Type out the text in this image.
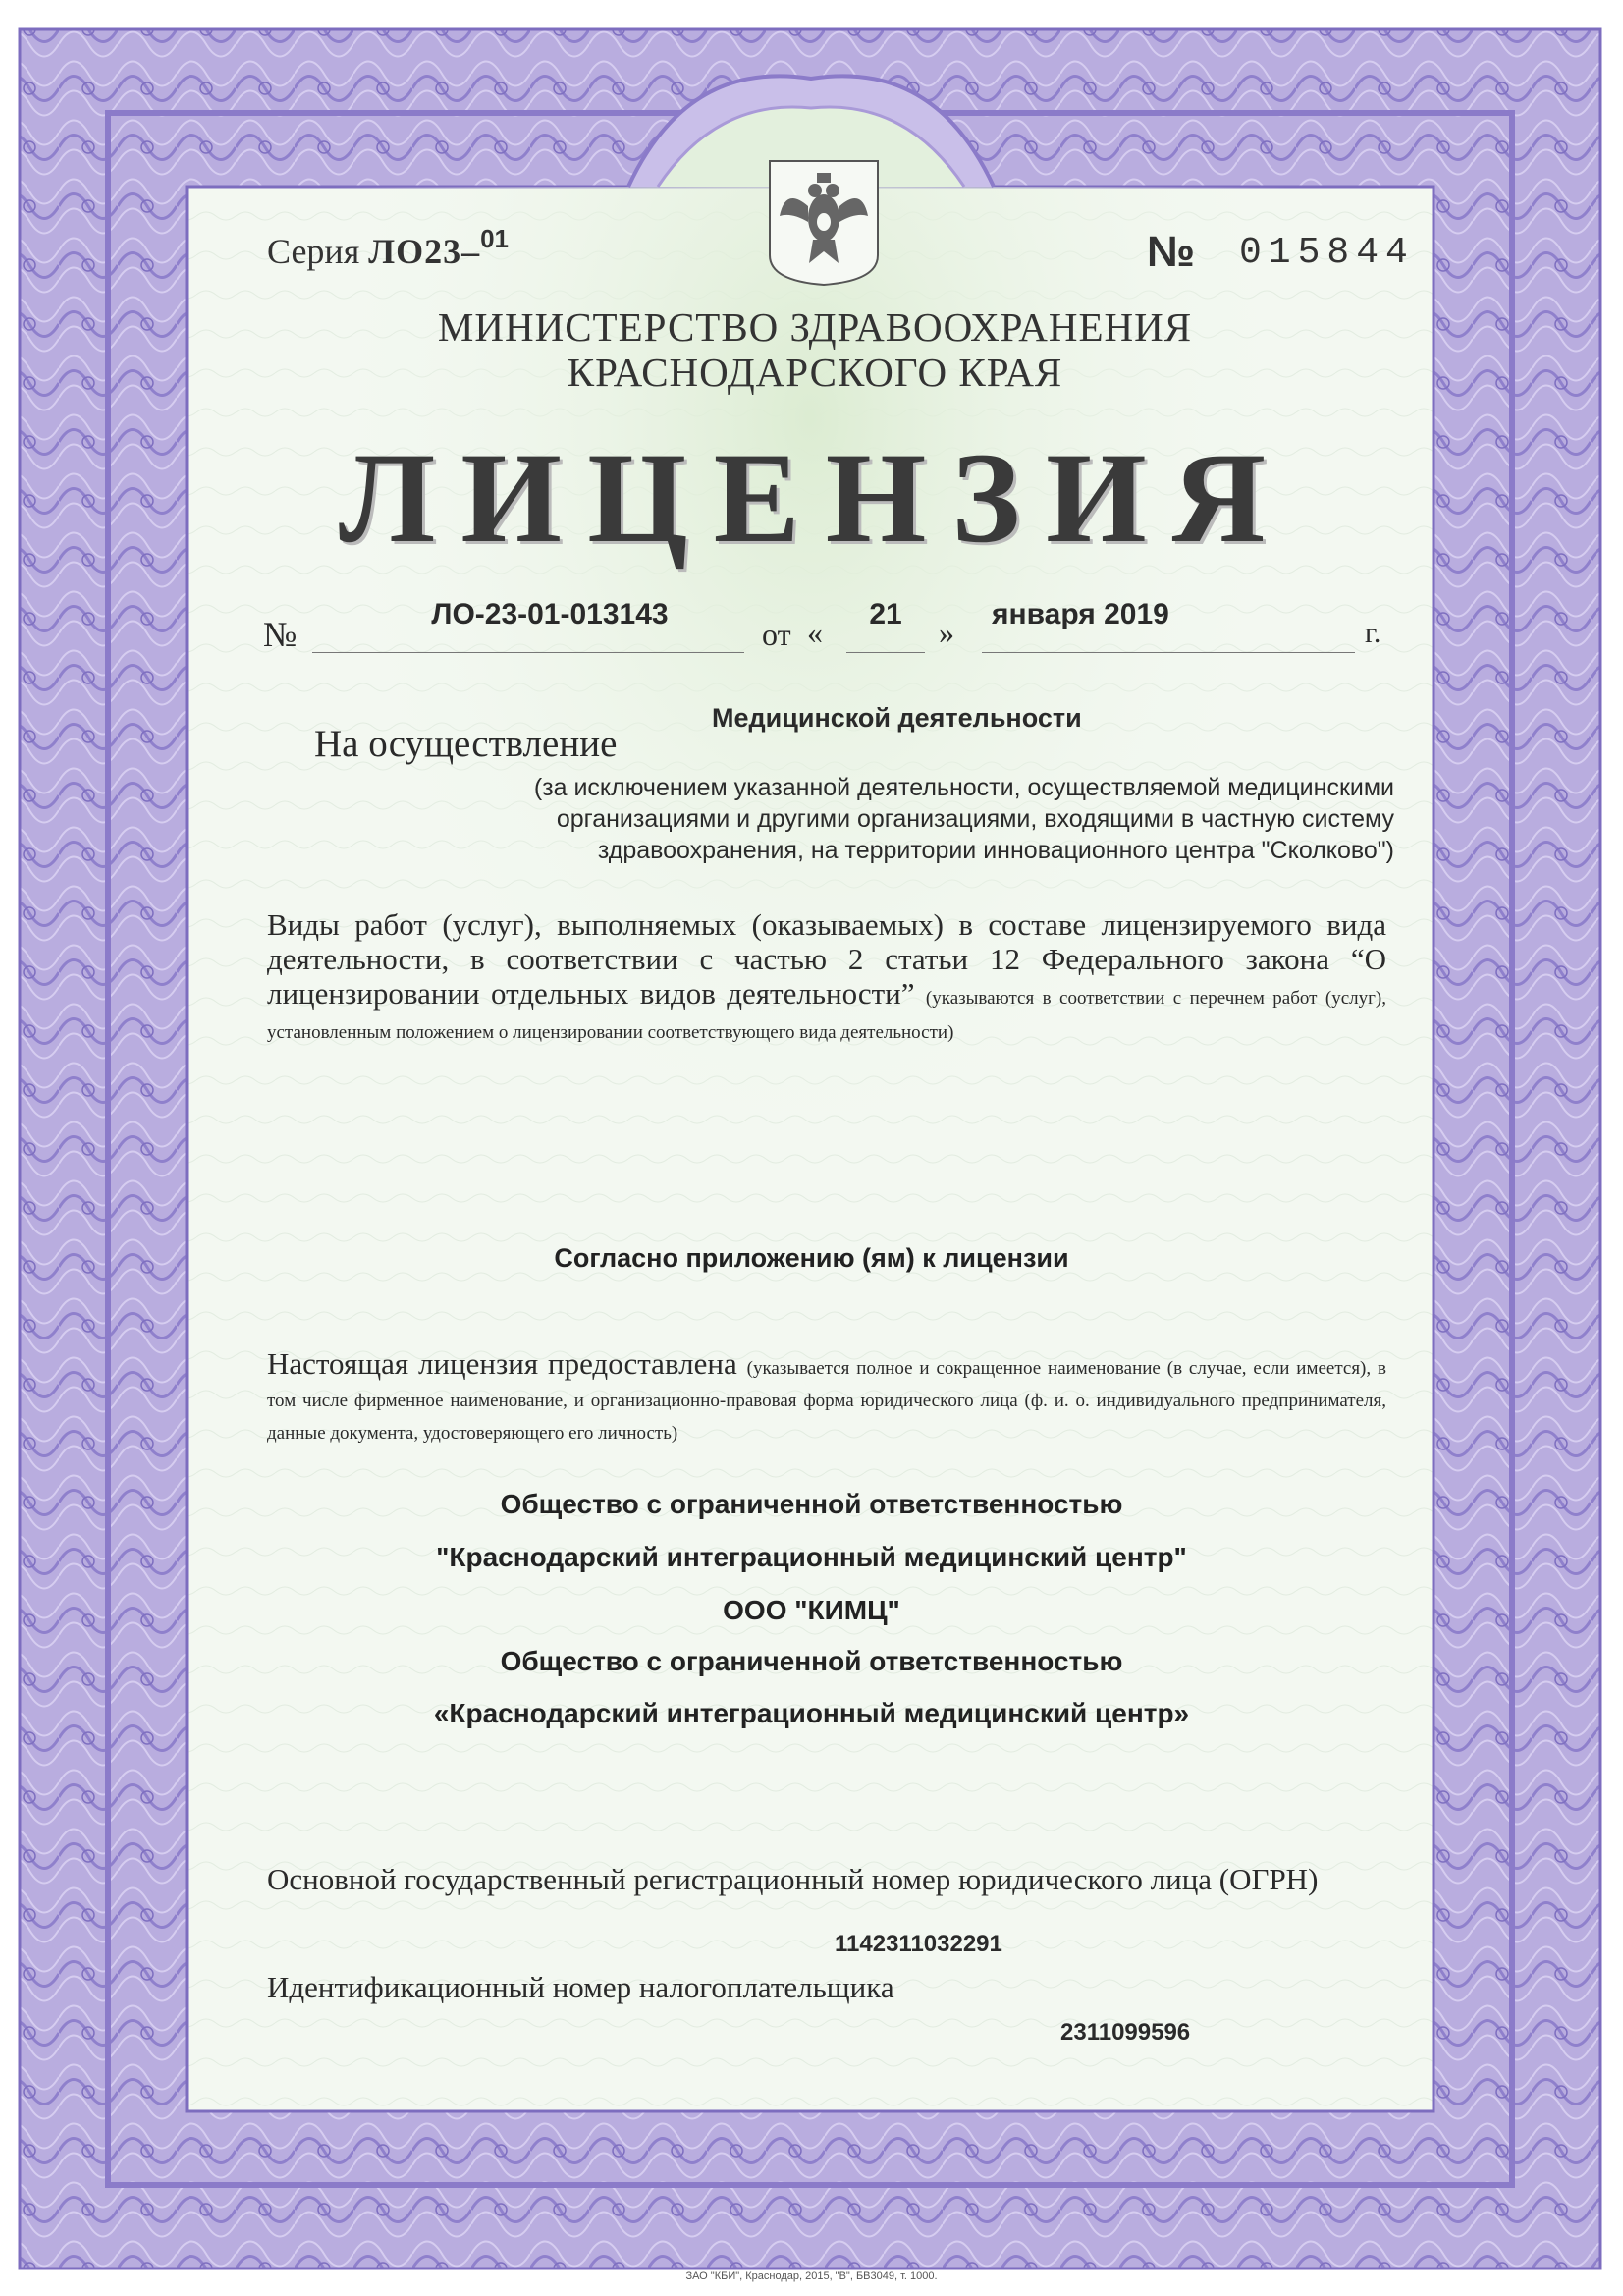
Серия ЛО23–$^{01}$	№ 015844
МИНИСТЕРСТВО ЗДРАВООХРАНЕНИЯ
КРАСНОДАРСКОГО КРАЯ
ЛИЦЕНЗИЯ
№
ЛО-23-01-013143
от «
21
»
января 2019
г.
Медицинской деятельности
На осуществление
(за исключением указанной деятельности, осуществляемой медицинскими
организациями и другими организациями, входящими в частную систему
здравоохранения, на территории инновационного центра "Сколково")
Виды работ (услуг), выполняемых (оказываемых) в составе лицензируемого вида деятельности, в соответствии с частью 2 статьи 12 Федерального закона “О лицензировании отдельных видов деятельности” (указываются в соответствии с перечнем работ (услуг), установленным положением о лицензировании соответствующего вида деятельности)
Согласно приложению (ям) к лицензии
Настоящая лицензия предоставлена (указывается полное и сокращенное наименование (в случае, если имеется), в том числе фирменное наименование, и организационно-правовая форма юридического лица (ф. и. о. индивидуального предпринимателя, данные документа, удостоверяющего его личность)
Общество с ограниченной ответственностью
"Краснодарский интеграционный медицинский центр"
ООО "КИМЦ"
Общество с ограниченной ответственностью
«Краснодарский интеграционный медицинский центр»
Основной государственный регистрационный номер юридического лица (ОГРН)
1142311032291
Идентификационный номер налогоплательщика
2311099596
ЗАО "КБИ", Краснодар, 2015, "В", БВ3049, т. 1000.
